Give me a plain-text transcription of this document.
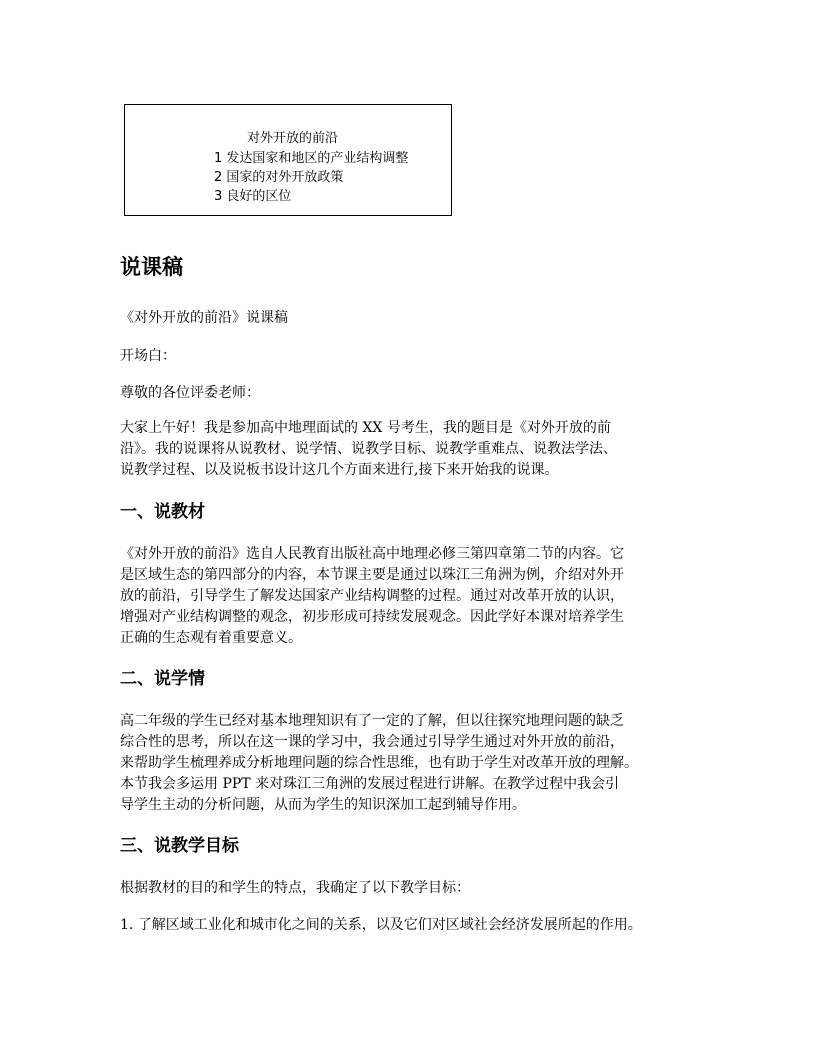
对外开放的前沿
1 发达国家和地区的产业结构调整
2 国家的对外开放政策
3 良好的区位
说课稿

《对外开放的前沿》说课稿

开场白：

尊敬的各位评委老师：

大家上午好！我是参加高中地理面试的 XX 号考生，我的题目是《对外开放的前
沿》。我的说课将从说教材、说学情、说教学目标、说教学重难点、说教法学法、
说教学过程、以及说板书设计这几个方面来进行,接下来开始我的说课。

一、说教材

《对外开放的前沿》选自人民教育出版社高中地理必修三第四章第二节的内容。它
是区域生态的第四部分的内容，本节课主要是通过以珠江三角洲为例，介绍对外开
放的前沿，引导学生了解发达国家产业结构调整的过程。通过对改革开放的认识，
增强对产业结构调整的观念，初步形成可持续发展观念。因此学好本课对培养学生
正确的生态观有着重要意义。

二、说学情

高二年级的学生已经对基本地理知识有了一定的了解，但以往探究地理问题的缺乏
综合性的思考，所以在这一课的学习中，我会通过引导学生通过对外开放的前沿，
来帮助学生梳理养成分析地理问题的综合性思维，也有助于学生对改革开放的理解。
本节我会多运用 PPT 来对珠江三角洲的发展过程进行讲解。在教学过程中我会引
导学生主动的分析问题，从而为学生的知识深加工起到辅导作用。

三、说教学目标

根据教材的目的和学生的特点，我确定了以下教学目标：

1. 了解区域工业化和城市化之间的关系，以及它们对区域社会经济发展所起的作用。
